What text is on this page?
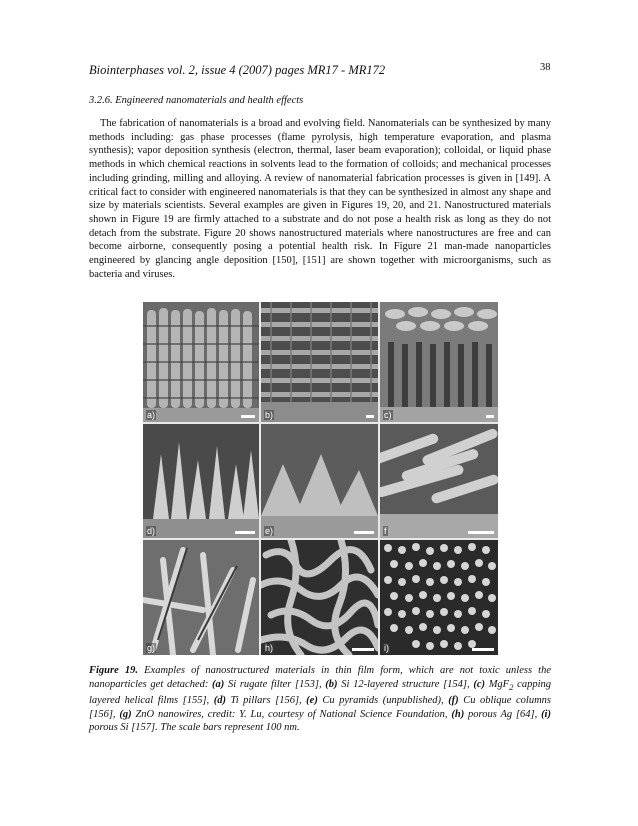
Biointerphases vol. 2, issue 4 (2007) pages MR17 - MR172	38
3.2.6. Engineered nanomaterials and health effects

The fabrication of nanomaterials is a broad and evolving field. Nanomaterials can be synthesized by many methods including: gas phase processes (flame pyrolysis, high temperature evaporation, and plasma synthesis); vapor deposition synthesis (electron, thermal, laser beam evaporation); colloidal, or liquid phase methods in which chemical reactions in solvents lead to the formation of colloids; and mechanical processes including grinding, milling and alloying. A review of nanomaterial fabrication processes is given in [149]. A critical fact to consider with engineered nanomaterials is that they can be synthesized in almost any shape and size by materials scientists. Several examples are given in Figures 19, 20, and 21. Nanostructured materials shown in Figure 19 are firmly attached to a substrate and do not pose a health risk as long as they do not detach from the substrate. Figure 20 shows nanostructured materials where nanostructures are free and can become airborne, consequently posing a potential health risk. In Figure 21 man-made nanoparticles engineered by glancing angle deposition [150], [151] are shown together with microorganisms, such as bacteria and viruses.

a)	b)	c)
d)	e)	f
g)	h)	i)

Figure 19. Examples of nanostructured materials in thin film form, which are not toxic unless the nanoparticles get detached: (a) Si rugate filter [153], (b) Si 12-layered structure [154], (c) MgF$_2$ capping layered helical films [155], (d) Ti pillars [156], (e) Cu pyramids (unpublished), (f) Cu oblique columns [156], (g) ZnO nanowires, credit: Y. Lu, courtesy of National Science Foundation, (h) porous Ag [64], (i) porous Si [157]. The scale bars represent 100 nm.
